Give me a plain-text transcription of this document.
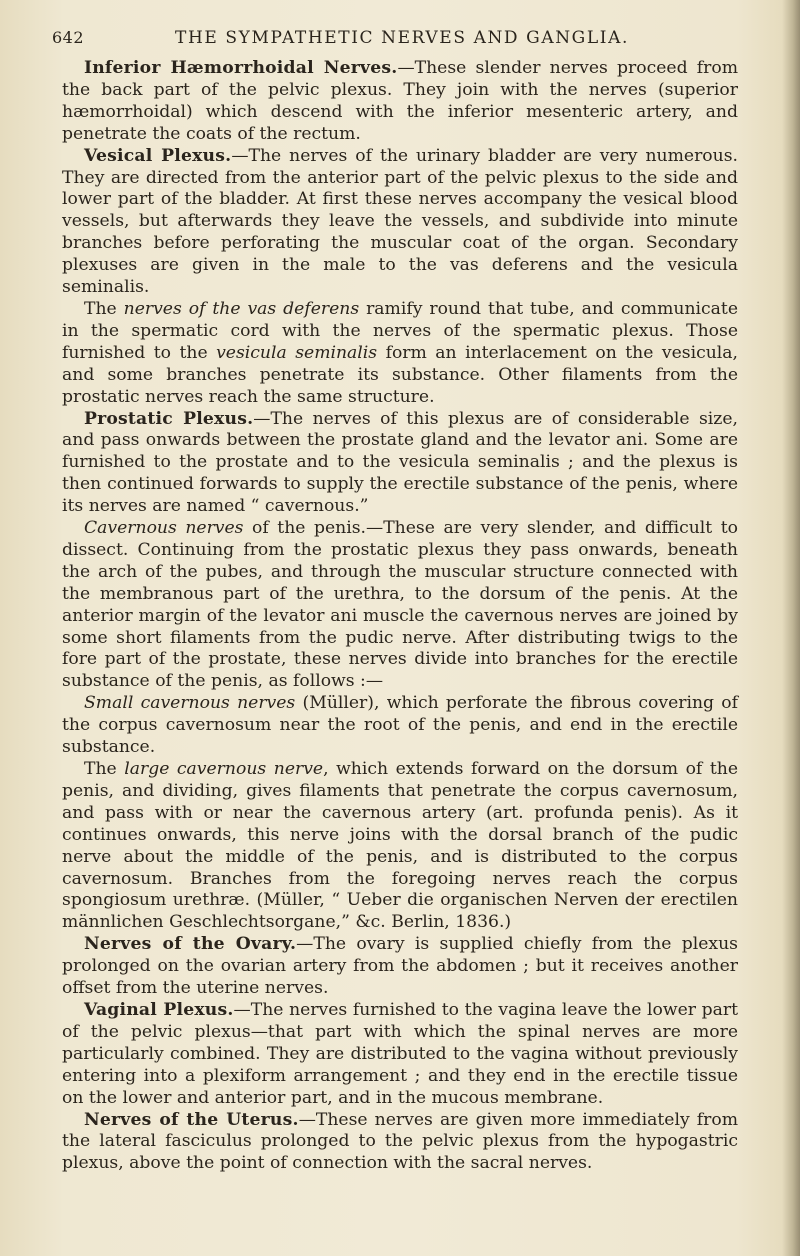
642	THE SYMPATHETIC NERVES AND GANGLIA.

Inferior Hæmorrhoidal Nerves.—These slender nerves proceed from the back part of the pelvic plexus. They join with the nerves (superior hæmorrhoidal) which descend with the inferior mesenteric artery, and penetrate the coats of the rectum.

Vesical Plexus.—The nerves of the urinary bladder are very numerous. They are directed from the anterior part of the pelvic plexus to the side and lower part of the bladder. At first these nerves accompany the vesical blood vessels, but afterwards they leave the vessels, and subdivide into minute branches before perforating the muscular coat of the organ. Secondary plexuses are given in the male to the vas deferens and the vesicula seminalis.

The nerves of the vas deferens ramify round that tube, and communicate in the spermatic cord with the nerves of the spermatic plexus. Those furnished to the vesicula seminalis form an interlacement on the vesicula, and some branches penetrate its substance. Other filaments from the prostatic nerves reach the same structure.

Prostatic Plexus.—The nerves of this plexus are of considerable size, and pass onwards between the prostate gland and the levator ani. Some are furnished to the prostate and to the vesicula seminalis ; and the plexus is then continued forwards to supply the erectile substance of the penis, where its nerves are named “ cavernous.”

Cavernous nerves of the penis.—These are very slender, and difficult to dissect. Continuing from the prostatic plexus they pass onwards, beneath the arch of the pubes, and through the muscular structure connected with the membranous part of the urethra, to the dorsum of the penis. At the anterior margin of the levator ani muscle the cavernous nerves are joined by some short filaments from the pudic nerve. After distributing twigs to the fore part of the prostate, these nerves divide into branches for the erectile substance of the penis, as follows :—

Small cavernous nerves (Müller), which perforate the fibrous covering of the corpus cavernosum near the root of the penis, and end in the erectile substance.

The large cavernous nerve, which extends forward on the dorsum of the penis, and dividing, gives filaments that penetrate the corpus cavernosum, and pass with or near the cavernous artery (art. profunda penis). As it continues onwards, this nerve joins with the dorsal branch of the pudic nerve about the middle of the penis, and is distributed to the corpus cavernosum. Branches from the foregoing nerves reach the corpus spongiosum urethræ. (Müller, “ Ueber die organischen Nerven der erectilen männlichen Geschlechtsorgane,” &c. Berlin, 1836.)

Nerves of the Ovary.—The ovary is supplied chiefly from the plexus prolonged on the ovarian artery from the abdomen ; but it receives another offset from the uterine nerves.

Vaginal Plexus.—The nerves furnished to the vagina leave the lower part of the pelvic plexus—that part with which the spinal nerves are more particularly combined. They are distributed to the vagina without previously entering into a plexiform arrangement ; and they end in the erectile tissue on the lower and anterior part, and in the mucous membrane.

Nerves of the Uterus.—These nerves are given more immediately from the lateral fasciculus prolonged to the pelvic plexus from the hypogastric plexus, above the point of connection with the sacral nerves.
